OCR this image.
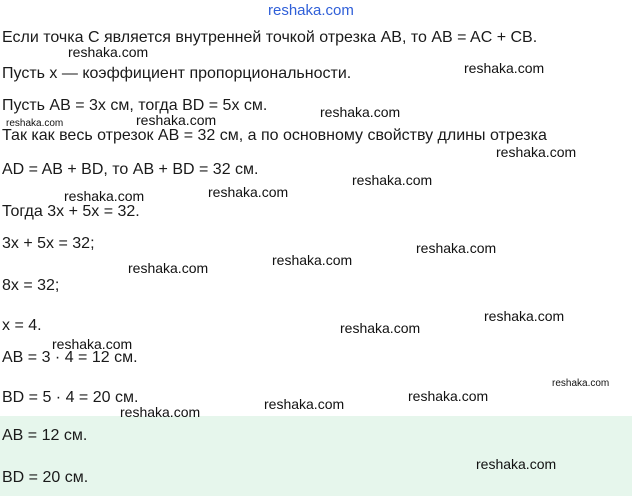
reshaka.com
Если точка C является внутренней точкой отрезка AB, то AB = AC + CB.
Пусть x — коэффициент пропорциональности.
Пусть AB = 3x см, тогда BD = 5x см.
Так как весь отрезок AB = 32 см, а по основному свойству длины отрезка
AD = AB + BD, то AB + BD = 32 см.
Тогда 3x + 5x = 32.
3x + 5x = 32;
8x = 32;
x = 4.
AB = 3 · 4 = 12 см.
BD = 5 · 4 = 20 см.
AB = 12 см.
BD = 20 см.
reshaka.com
reshaka.com
reshaka.com	reshaka.com	reshaka.com
reshaka.com
reshaka.com
reshaka.com	reshaka.com
reshaka.com
reshaka.com
reshaka.com
reshaka.com
reshaka.com
reshaka.com
reshaka.com
reshaka.com
reshaka.com
reshaka.com
reshaka.com
